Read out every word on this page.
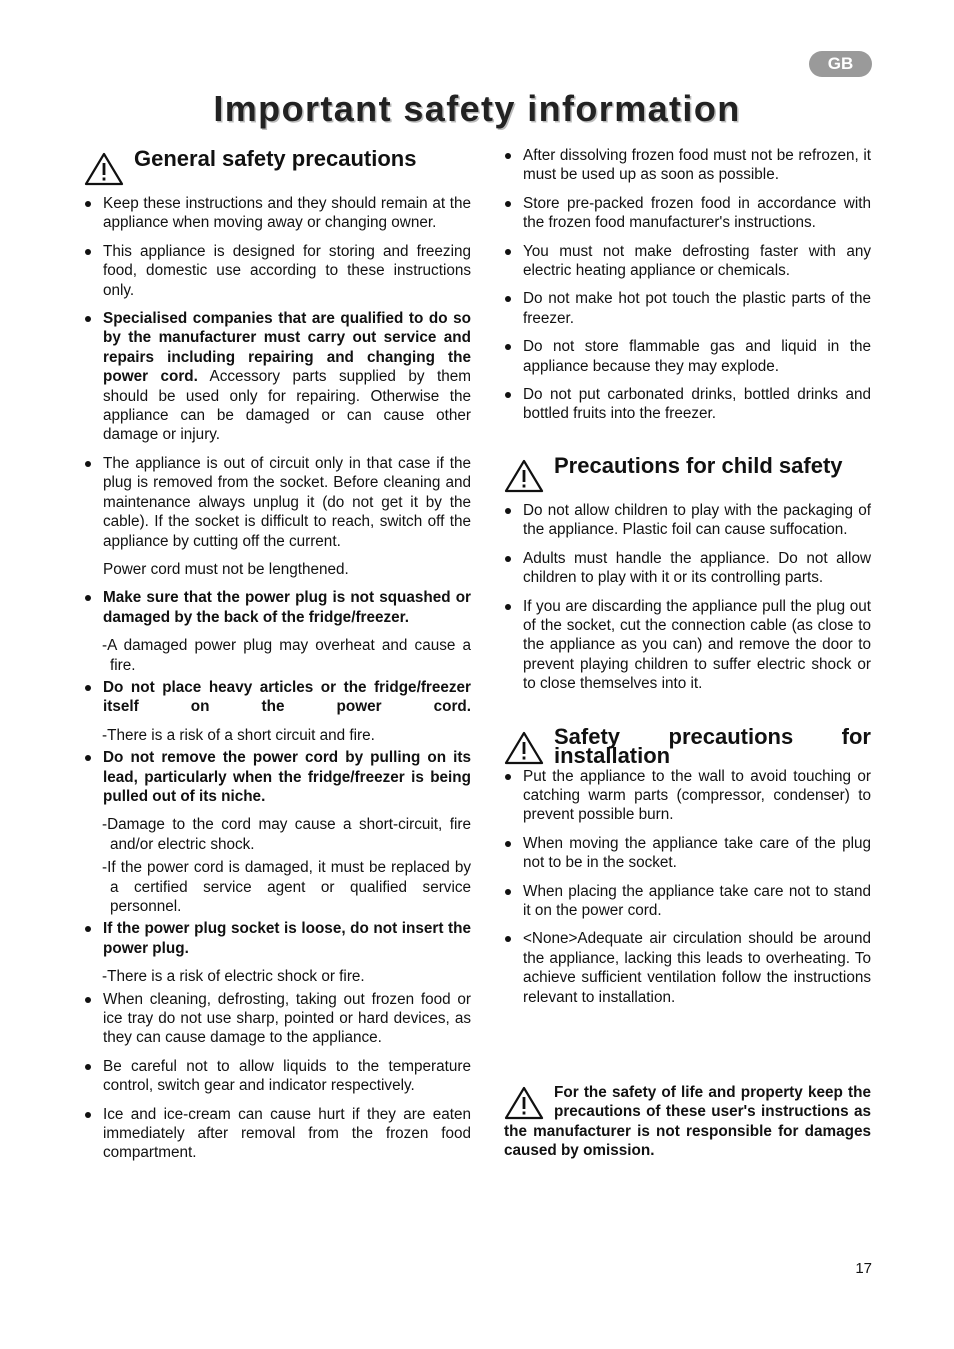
GB
Important safety information
General safety precautions
Keep these instructions and they should remain at the appliance when moving away or changing owner.
This appliance is designed for storing and freezing food, domestic use according to these instructions only.
Specialised companies that are qualified to do so by the manufacturer must carry out service and repairs including repairing and changing the power cord. Accessory parts supplied by them should be used only for repairing. Otherwise the appliance can be damaged or can cause other damage or injury.
The appliance is out of circuit only in that case if the plug is removed from the socket. Before cleaning and maintenance always unplug it (do not get it by the cable). If the socket is difficult to reach, switch off the appliance by cutting off the current.
Power cord must not be lengthened.
Make sure that the power plug is not squashed or damaged by the back of the fridge/freezer.
-A damaged power plug may overheat and cause a fire.
Do not place heavy articles or the fridge/freezer itself on the power cord.
-There is a risk of a short circuit and fire.
Do not remove the power cord by pulling on its lead, particularly when the fridge/freezer is being pulled out of its niche.
-Damage to the cord may cause a short-circuit, fire and/or electric shock.
-If the power cord is damaged, it must be replaced by a certified service agent or qualified service personnel.
If the power plug socket is loose, do not insert the power plug.
-There is a risk of electric shock or fire.
When cleaning, defrosting, taking out frozen food or ice tray do not use sharp, pointed or hard devices, as they can cause damage to the appliance.
Be careful not to allow liquids to the temperature control, switch gear and indicator respectively.
Ice and ice-cream can cause hurt if they are eaten immediately after removal from the frozen food compartment.
After dissolving frozen food must not be refrozen, it must be used up as soon as possible.
Store pre-packed frozen food in accordance with the frozen food manufacturer's instructions.
You must not make defrosting faster with any electric heating appliance or chemicals.
Do not make hot pot touch the plastic parts of the freezer.
Do not store flammable gas and liquid in the appliance because they may explode.
Do not put carbonated drinks, bottled drinks and bottled fruits into the freezer.
Precautions for child safety
Do not allow children to play with the packaging of the appliance. Plastic foil can cause suffocation.
Adults must handle the appliance. Do not allow children to play with it or its controlling parts.
If you are discarding the appliance pull the plug out of the socket, cut the connection cable (as close to the appliance as you can) and remove the door to prevent playing children to suffer electric shock or to close themselves into it.
Safety precautions for
installation
Put the appliance to the wall to avoid touching or catching warm parts (compressor, condenser) to prevent possible burn.
When moving the appliance take care of the plug not to be in the socket.
When placing the appliance take care not to stand it on the power cord.
<None>Adequate air circulation should be around the appliance, lacking this leads to overheating. To achieve sufficient ventilation follow the instructions relevant to installation.
For the safety of life and property keep the precautions of these user's instructions as the manufacturer is not responsible for damages caused by omission.
17
